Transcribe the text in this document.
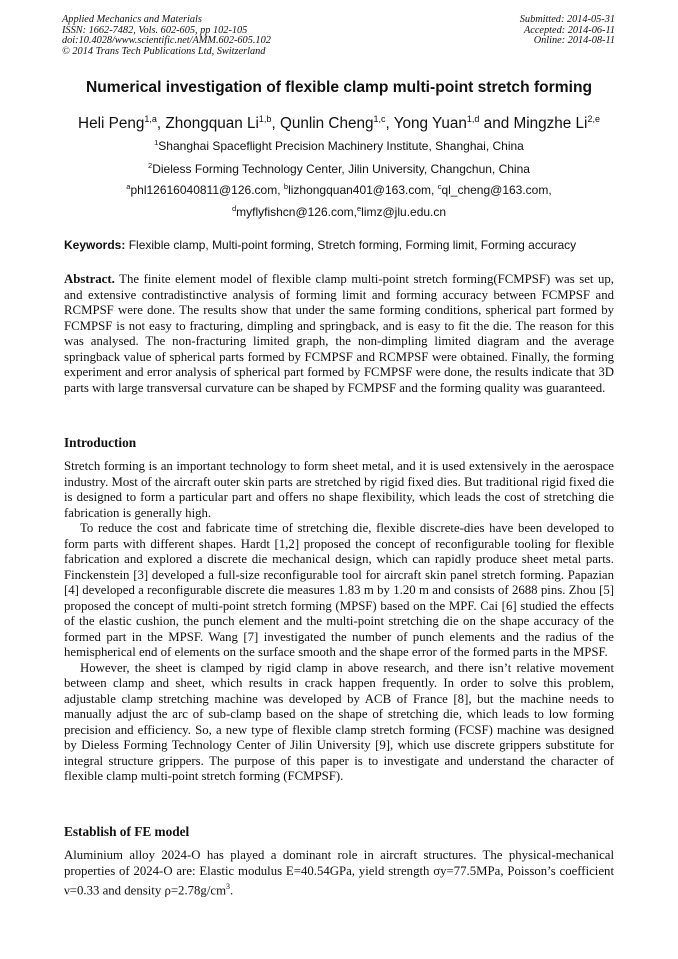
Applied Mechanics and Materials
ISSN: 1662-7482, Vols. 602-605, pp 102-105
doi:10.4028/www.scientific.net/AMM.602-605.102
© 2014 Trans Tech Publications Ltd, Switzerland
Submitted: 2014-05-31
Accepted: 2014-06-11
Online: 2014-08-11
Numerical investigation of flexible clamp multi-point stretch forming
Heli Peng$^{1,a}$, Zhongquan Li$^{1,b}$, Qunlin Cheng$^{1,c}$, Yong Yuan$^{1,d}$ and Mingzhe Li$^{2,e}$
$^1$Shanghai Spaceflight Precision Machinery Institute, Shanghai, China
$^2$Dieless Forming Technology Center, Jilin University, Changchun, China
$^a$phl12616040811@126.com, $^b$lizhongquan401@163.com, $^c$ql_cheng@163.com,
$^d$myflyfishcn@126.com,$^e$limz@jlu.edu.cn
Keywords: Flexible clamp, Multi-point forming, Stretch forming, Forming limit, Forming accuracy

Abstract. The finite element model of flexible clamp multi-point stretch forming(FCMPSF) was set up, and extensive contradistinctive analysis of forming limit and forming accuracy between FCMPSF and RCMPSF were done. The results show that under the same forming conditions, spherical part formed by FCMPSF is not easy to fracturing, dimpling and springback, and is easy to fit the die. The reason for this was analysed. The non-fracturing limited graph, the non-dimpling limited diagram and the average springback value of spherical parts formed by FCMPSF and RCMPSF were obtained. Finally, the forming experiment and error analysis of spherical part formed by FCMPSF were done, the results indicate that 3D parts with large transversal curvature can be shaped by FCMPSF and the forming quality was guaranteed.

Introduction

Stretch forming is an important technology to form sheet metal, and it is used extensively in the aerospace industry. Most of the aircraft outer skin parts are stretched by rigid fixed dies. But traditional rigid fixed die is designed to form a particular part and offers no shape flexibility, which leads the cost of stretching die fabrication is generally high.

To reduce the cost and fabricate time of stretching die, flexible discrete-dies have been developed to form parts with different shapes. Hardt [1,2] proposed the concept of reconfigurable tooling for flexible fabrication and explored a discrete die mechanical design, which can rapidly produce sheet metal parts. Finckenstein [3] developed a full-size reconfigurable tool for aircraft skin panel stretch forming. Papazian [4] developed a reconfigurable discrete die measures 1.83 m by 1.20 m and consists of 2688 pins. Zhou [5] proposed the concept of multi-point stretch forming (MPSF) based on the MPF. Cai [6] studied the effects of the elastic cushion, the punch element and the multi-point stretching die on the shape accuracy of the formed part in the MPSF. Wang [7] investigated the number of punch elements and the radius of the hemispherical end of elements on the surface smooth and the shape error of the formed parts in the MPSF.

However, the sheet is clamped by rigid clamp in above research, and there isn’t relative movement between clamp and sheet, which results in crack happen frequently. In order to solve this problem, adjustable clamp stretching machine was developed by ACB of France [8], but the machine needs to manually adjust the arc of sub-clamp based on the shape of stretching die, which leads to low forming precision and efficiency. So, a new type of flexible clamp stretch forming (FCSF) machine was designed by Dieless Forming Technology Center of Jilin University [9], which use discrete grippers substitute for integral structure grippers. The purpose of this paper is to investigate and understand the character of flexible clamp multi-point stretch forming (FCMPSF).

Establish of FE model

Aluminium alloy 2024-O has played a dominant role in aircraft structures. The physical-mechanical properties of 2024-O are: Elastic modulus E=40.54GPa, yield strength σy=77.5MPa, Poisson’s coefficient ν=0.33 and density $\rho=2.78g/cm^3$.
